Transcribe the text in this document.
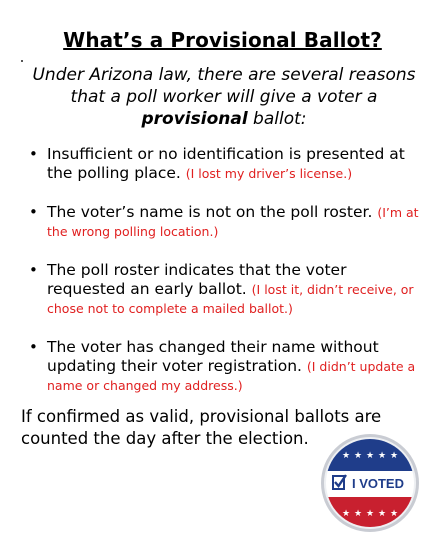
What’s a Provisional Ballot?
Under Arizona law, there are several reasons that a poll worker will give a voter a provisional ballot:
• Insufficient or no identification is presented at the polling place. (I lost my driver’s license.)
• The voter’s name is not on the poll roster. (I’m at the wrong polling location.)
• The poll roster indicates that the voter requested an early ballot. (I lost it, didn’t receive, or chose not to complete a mailed ballot.)
• The voter has changed their name without updating their voter registration. (I didn’t update a name or changed my address.)
If confirmed as valid, provisional ballots are counted the day after the election.
★ ★ ★ ★ ★
★ ★ ★ ★ ★
I VOTED
